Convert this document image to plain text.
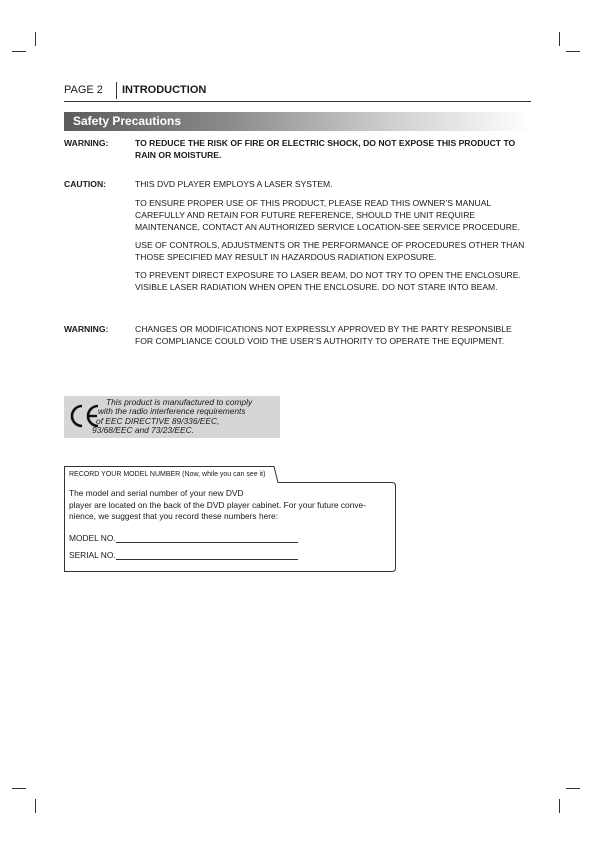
PAGE 2 INTRODUCTION
Safety Precautions
WARNING:	TO REDUCE THE RISK OF FIRE OR ELECTRIC SHOCK, DO NOT EXPOSE THIS PRODUCT TO RAIN OR MOISTURE.
CAUTION:	THIS DVD PLAYER EMPLOYS A LASER SYSTEM.

TO ENSURE PROPER USE OF THIS PRODUCT, PLEASE READ THIS OWNER’S MANUAL CAREFULLY AND RETAIN FOR FUTURE REFERENCE, SHOULD THE UNIT REQUIRE MAINTENANCE, CONTACT AN AUTHORIZED SERVICE LOCATION-SEE SERVICE PROCEDURE.

USE OF CONTROLS, ADJUSTMENTS OR THE PERFORMANCE OF PROCEDURES OTHER THAN THOSE SPECIFIED MAY RESULT IN HAZARDOUS RADIATION EXPOSURE.

TO PREVENT DIRECT EXPOSURE TO LASER BEAM, DO NOT TRY TO OPEN THE ENCLOSURE. VISIBLE LASER RADIATION WHEN OPEN THE ENCLOSURE. DO NOT STARE INTO BEAM.

WARNING:	CHANGES OR MODIFICATIONS NOT EXPRESSLY APPROVED BY THE PARTY RESPONSIBLE FOR COMPLIANCE COULD VOID THE USER’S AUTHORITY TO OPERATE THE EQUIPMENT.
This product is manufactured to comply
with the radio interference requirements
of EEC DIRECTIVE 89/336/EEC,
93/68/EEC and 73/23/EEC.
RECORD YOUR MODEL NUMBER (Now, while you can see it)
The model and serial number of your new DVD
player are located on the back of the DVD player cabinet. For your future conve-
nience, we suggest that you record these numbers here:
MODEL NO.
SERIAL NO.
